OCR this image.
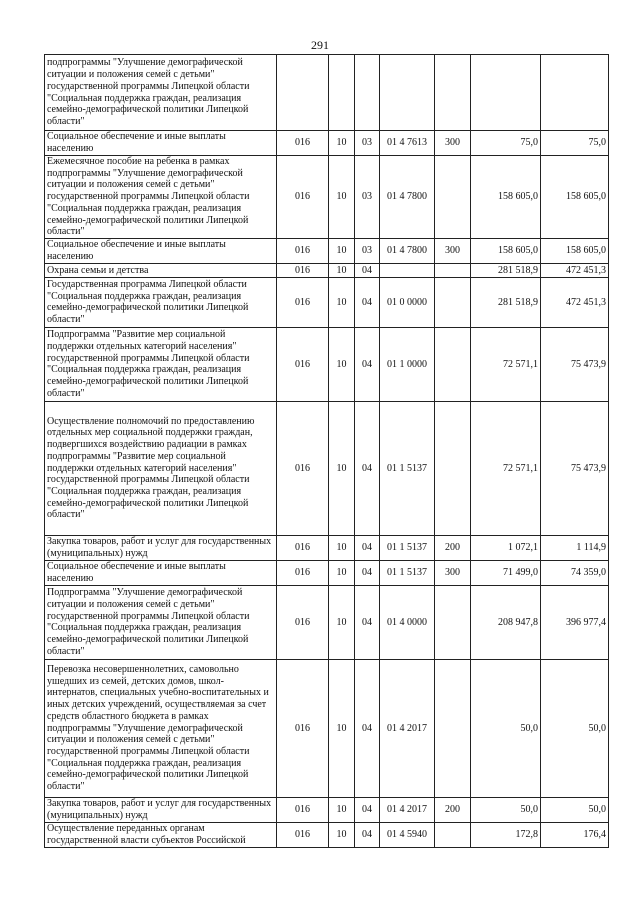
291
подпрограммы "Улучшение демографической ситуации и положения семей с детьми" государственной программы Липецкой области "Социальная поддержка граждан, реализация семейно-демографической политики Липецкой области"							
Социальное обеспечение и иные выплаты населению	016	10	03	01 4 7613	300	75,0	75,0
Ежемесячное пособие на ребенка в рамках подпрограммы "Улучшение демографической ситуации и положения семей с детьми" государственной программы Липецкой области "Социальная поддержка граждан, реализация семейно-демографической политики Липецкой области"	016	10	03	01 4 7800		158 605,0	158 605,0
Социальное обеспечение и иные выплаты населению	016	10	03	01 4 7800	300	158 605,0	158 605,0
Охрана семьи и детства	016	10	04			281 518,9	472 451,3
Государственная программа Липецкой области "Социальная поддержка граждан, реализация семейно-демографической политики Липецкой области"	016	10	04	01 0 0000		281 518,9	472 451,3
Подпрограмма "Развитие мер социальной поддержки отдельных категорий населения" государственной программы Липецкой области "Социальная поддержка граждан, реализация семейно-демографической политики Липецкой области"	016	10	04	01 1 0000		72 571,1	75 473,9
Осуществление полномочий по предоставлению отдельных мер социальной поддержки граждан, подвергшихся воздействию радиации в рамках подпрограммы "Развитие мер социальной поддержки отдельных категорий населения" государственной программы Липецкой области "Социальная поддержка граждан, реализация семейно-демографической политики Липецкой области"	016	10	04	01 1 5137		72 571,1	75 473,9
Закупка товаров, работ и услуг для государственных (муниципальных) нужд	016	10	04	01 1 5137	200	1 072,1	1 114,9
Социальное обеспечение и иные выплаты населению	016	10	04	01 1 5137	300	71 499,0	74 359,0
Подпрограмма "Улучшение демографической ситуации и положения семей с детьми" государственной программы Липецкой области "Социальная поддержка граждан, реализация семейно-демографической политики Липецкой области"	016	10	04	01 4 0000		208 947,8	396 977,4
Перевозка несовершеннолетних, самовольно ушедших из семей, детских домов, школ-интернатов, специальных учебно-воспитательных и иных детских учреждений, осуществляемая за счет средств областного бюджета в рамках подпрограммы "Улучшение демографической ситуации и положения семей с детьми" государственной программы Липецкой области "Социальная поддержка граждан, реализация семейно-демографической политики Липецкой области"	016	10	04	01 4 2017		50,0	50,0
Закупка товаров, работ и услуг для государственных (муниципальных) нужд	016	10	04	01 4 2017	200	50,0	50,0
Осуществление переданных органам государственной власти субъектов Российской	016	10	04	01 4 5940		172,8	176,4
